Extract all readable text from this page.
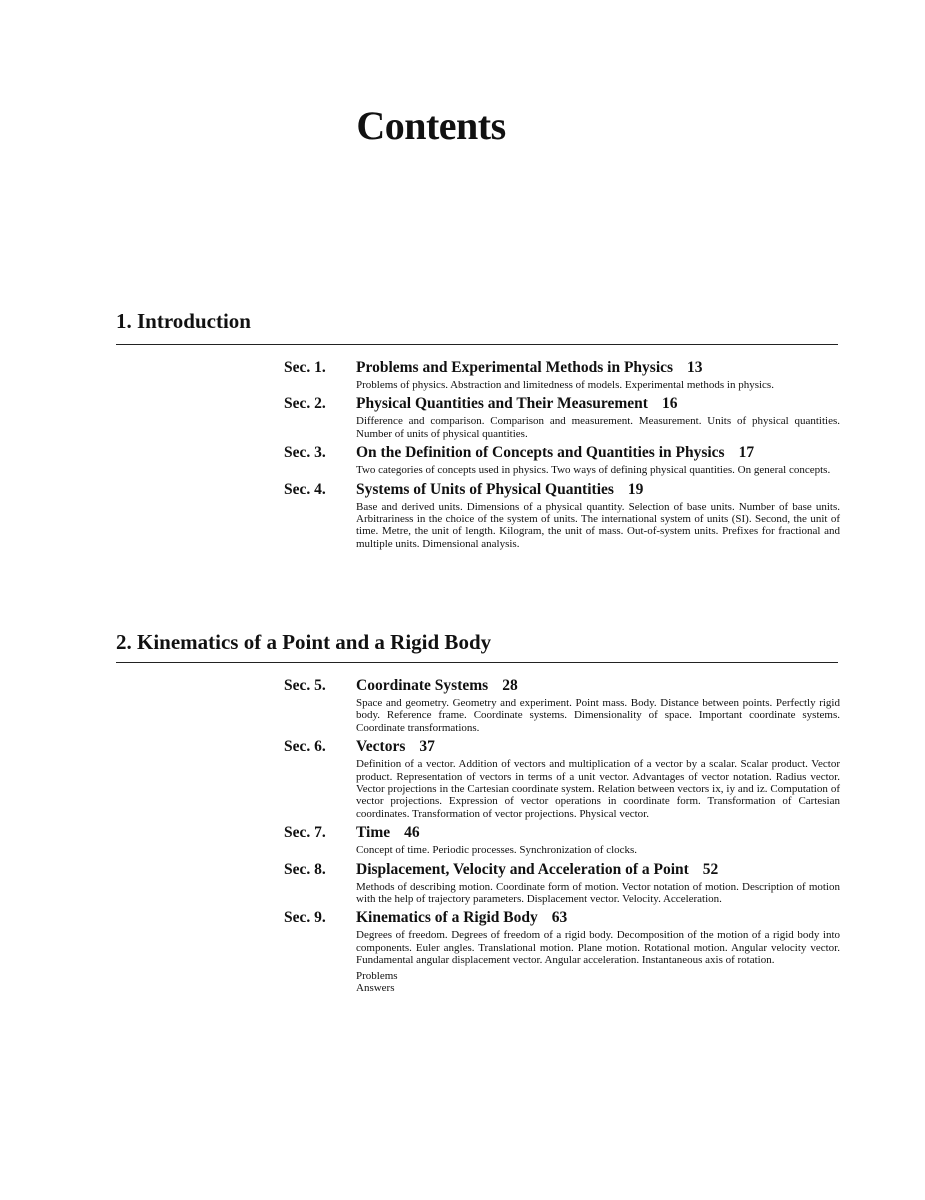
Contents
1. Introduction
Sec. 1.	Problems and Experimental Methods in Physics 13
Problems of physics. Abstraction and limitedness of models. Experimental methods in physics.
Sec. 2.	Physical Quantities and Their Measurement 16
Difference and comparison. Comparison and measurement. Measurement. Units of physical quantities. Number of units of physical quantities.
Sec. 3.	On the Definition of Concepts and Quantities in Physics 17
Two categories of concepts used in physics. Two ways of defining physical quantities. On general concepts.
Sec. 4.	Systems of Units of Physical Quantities 19
Base and derived units. Dimensions of a physical quantity. Selection of base units. Number of base units. Arbitrariness in the choice of the system of units. The international system of units (SI). Second, the unit of time. Metre, the unit of length. Kilogram, the unit of mass. Out-of-system units. Prefixes for fractional and multiple units. Dimensional analysis.
2. Kinematics of a Point and a Rigid Body
Sec. 5.	Coordinate Systems 28
Space and geometry. Geometry and experiment. Point mass. Body. Distance between points. Perfectly rigid body. Reference frame. Coordinate systems. Dimensionality of space. Important coordinate systems. Coordinate transformations.
Sec. 6.	Vectors 37
Definition of a vector. Addition of vectors and multiplication of a vector by a scalar. Scalar product. Vector product. Representation of vectors in terms of a unit vector. Advantages of vector notation. Radius vector. Vector projections in the Cartesian coordinate system. Relation between vectors ix, iy and iz. Computation of vector projections. Expression of vector operations in coordinate form. Transformation of Cartesian coordinates. Transformation of vector projections. Physical vector.
Sec. 7.	Time 46
Concept of time. Periodic processes. Synchronization of clocks.
Sec. 8.	Displacement, Velocity and Acceleration of a Point 52
Methods of describing motion. Coordinate form of motion. Vector notation of motion. Description of motion with the help of trajectory parameters. Displacement vector. Velocity. Acceleration.
Sec. 9.	Kinematics of a Rigid Body 63
Degrees of freedom. Degrees of freedom of a rigid body. Decomposition of the motion of a rigid body into components. Euler angles. Translational motion. Plane motion. Rotational motion. Angular velocity vector. Fundamental angular displacement vector. Angular acceleration. Instantaneous axis of rotation.
Problems
Answers
